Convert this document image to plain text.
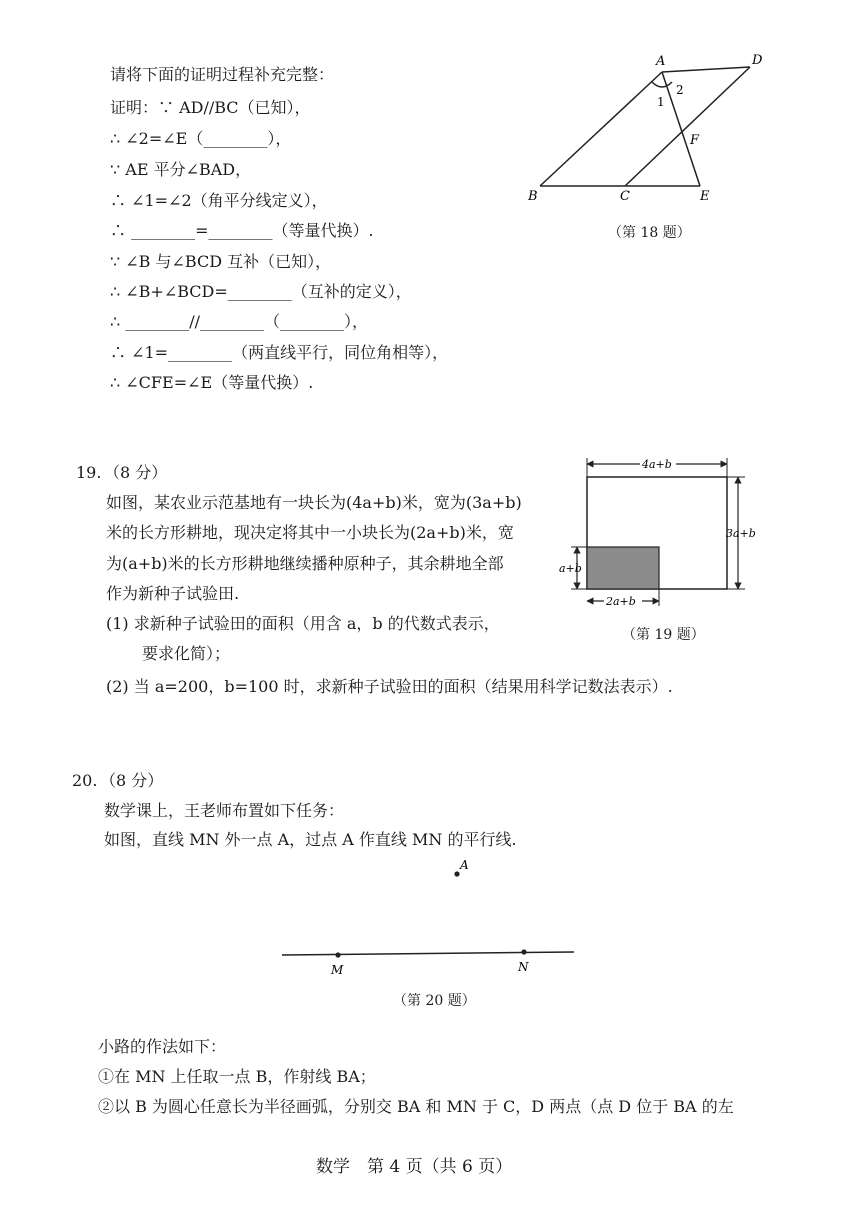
请将下面的证明过程补充完整：
证明：∵ AD//BC（已知），
∴ ∠2=∠E（________），
∵ AE 平分∠BAD，
∴ ∠1=∠2（角平分线定义），
∴ ________=________（等量代换）.
∵ ∠B 与∠BCD 互补（已知），
∴ ∠B+∠BCD=________（互补的定义），
∴ ________//________（________），
∴ ∠1=________（两直线平行，同位角相等），
∴ ∠CFE=∠E（等量代换）.
A	D
B	C	E
F
1
2
（第 18 题）
19. （8 分）
如图，某农业示范基地有一块长为(4a+b)米，宽为(3a+b)
米的长方形耕地，现决定将其中一小块长为(2a+b)米，宽
为(a+b)米的长方形耕地继续播种原种子，其余耕地全部
作为新种子试验田.
(1) 求新种子试验田的面积（用含 a，b 的代数式表示，
要求化简）；
(2) 当 a=200，b=100 时，求新种子试验田的面积（结果用科学记数法表示）.
4a+b
3a+b
a+b
2a+b
（第 19 题）
20. （8 分）
数学课上，王老师布置如下任务：
如图，直线 MN 外一点 A，过点 A 作直线 MN 的平行线.
A
M	N
（第 20 题）
小路的作法如下：
①在 MN 上任取一点 B，作射线 BA；
②以 B 为圆心任意长为半径画弧，分别交 BA 和 MN 于 C，D 两点（点 D 位于 BA 的左
数学　第 4 页（共 6 页）
